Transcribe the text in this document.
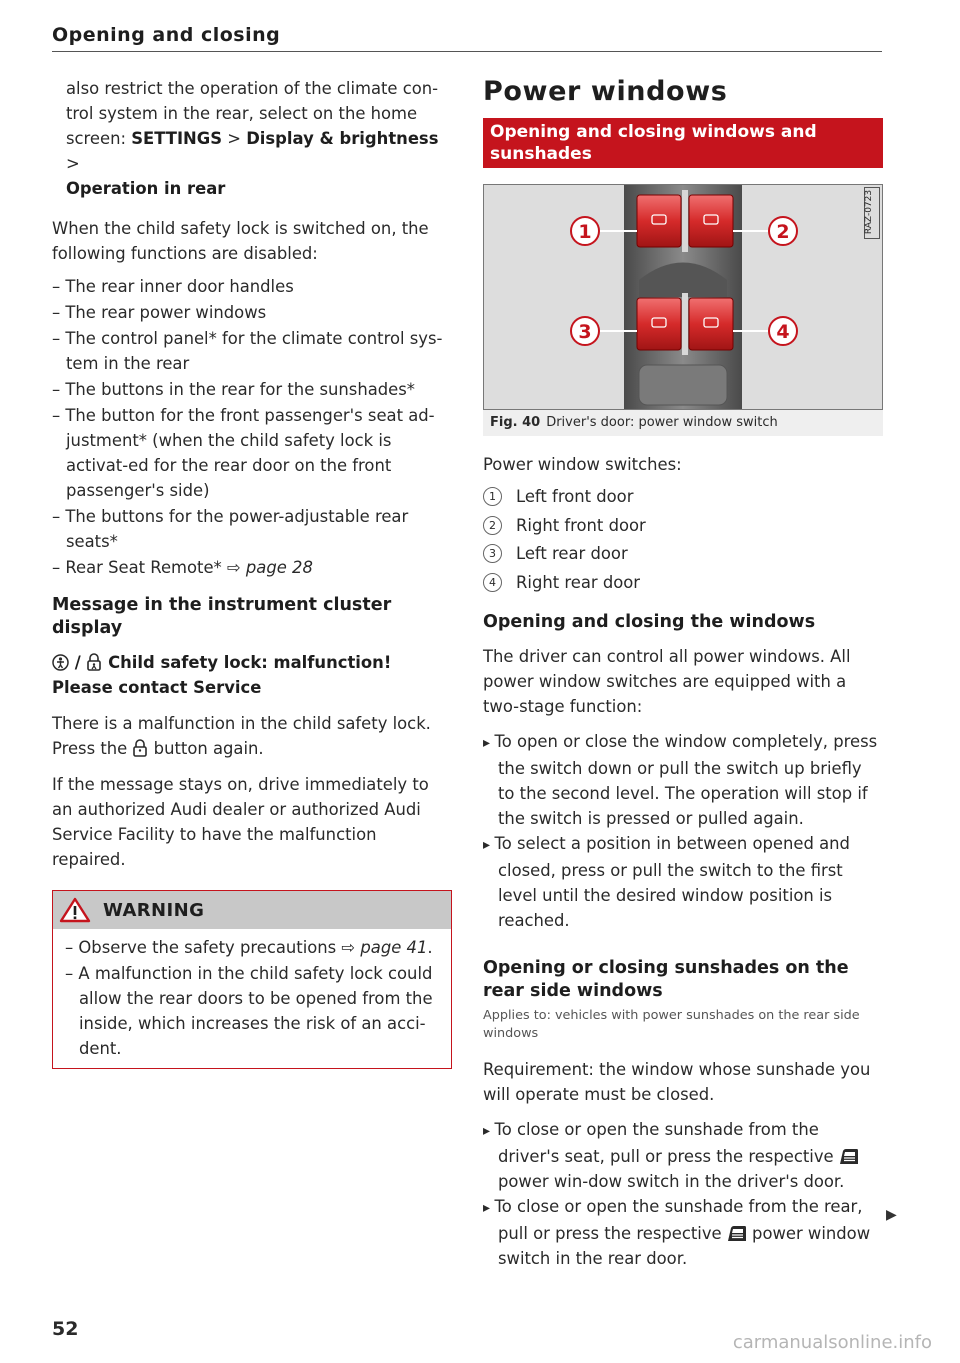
Opening and closing

also restrict the operation of the climate con-
trol system in the rear, select on the home
screen: SETTINGS > Display & brightness >
Operation in rear

When the child safety lock is switched on, the following functions are disabled:

– The rear inner door handles
– The rear power windows
– The control panel* for the climate control sys-tem in the rear
– The buttons in the rear for the sunshades*
– The button for the front passenger's seat ad-justment* (when the child safety lock is activat-ed for the rear door on the front passenger's side)
– The buttons for the power-adjustable rear seats*
– Rear Seat Remote* ⇨ page 28
Message in the instrument cluster display

/  Child safety lock: malfunction! Please contact Service

There is a malfunction in the child safety lock. Press the  button again.

If the message stays on, drive immediately to an authorized Audi dealer or authorized Audi Service Facility to have the malfunction repaired.

WARNING
– Observe the safety precautions ⇨ page 41.
– A malfunction in the child safety lock could allow the rear doors to be opened from the inside, which increases the risk of an acci-dent.
Power windows
Opening and closing windows and sunshades
1	2
3	4
RAZ-0723
Fig. 40 Driver's door: power window switch

Power window switches:

1 Left front door
2 Right front door
3 Left rear door
4 Right rear door
Opening and closing the windows

The driver can control all power windows. All power window switches are equipped with a two-stage function:

▸ To open or close the window completely, press the switch down or pull the switch up briefly to the second level. The operation will stop if the switch is pressed or pulled again.
▸ To select a position in between opened and closed, press or pull the switch to the first level until the desired window position is reached.
Opening or closing sunshades on the rear side windows

Applies to: vehicles with power sunshades on the rear side windows

Requirement: the window whose sunshade you will operate must be closed.

▸ To close or open the sunshade from the driver's seat, pull or press the respective  power win-dow switch in the driver's door.
▸ To close or open the sunshade from the rear, pull or press the respective  power window switch in the rear door.
▶
52
carmanualsonline.info
